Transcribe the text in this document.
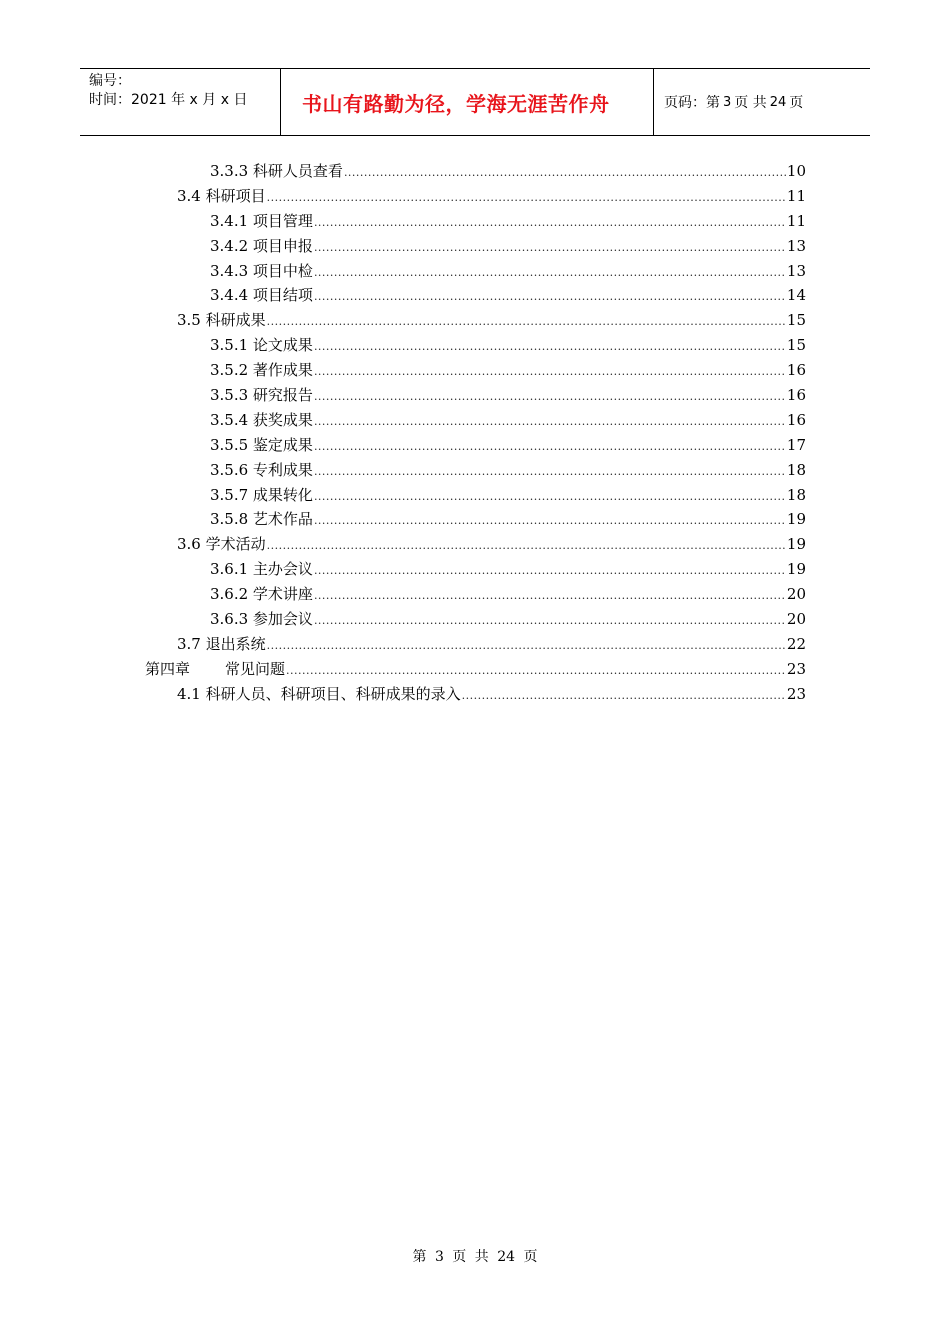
编号：
时间：2021 年 x 月 x 日	书山有路勤为径，学海无涯苦作舟	页码：第 3 页 共 24 页
3.3.3 科研人员查看 .....	10
3.4 科研项目 .....	11
3.4.1 项目管理 .....	11
3.4.2 项目申报 .....	13
3.4.3 项目中检 .....	13
3.4.4 项目结项 .....	14
3.5 科研成果 .....	15
3.5.1 论文成果 .....	15
3.5.2 著作成果 .....	16
3.5.3 研究报告 .....	16
3.5.4 获奖成果 .....	16
3.5.5 鉴定成果 .....	17
3.5.6 专利成果 .....	18
3.5.7 成果转化 .....	18
3.5.8 艺术作品 .....	19
3.6 学术活动 .....	19
3.6.1 主办会议 .....	19
3.6.2 学术讲座 .....	20
3.6.3 参加会议 .....	20
3.7 退出系统 .....	22
第四章 常见问题 .....	23
4.1 科研人员、科研项目、科研成果的录入 .....	23
第 3 页 共 24 页
